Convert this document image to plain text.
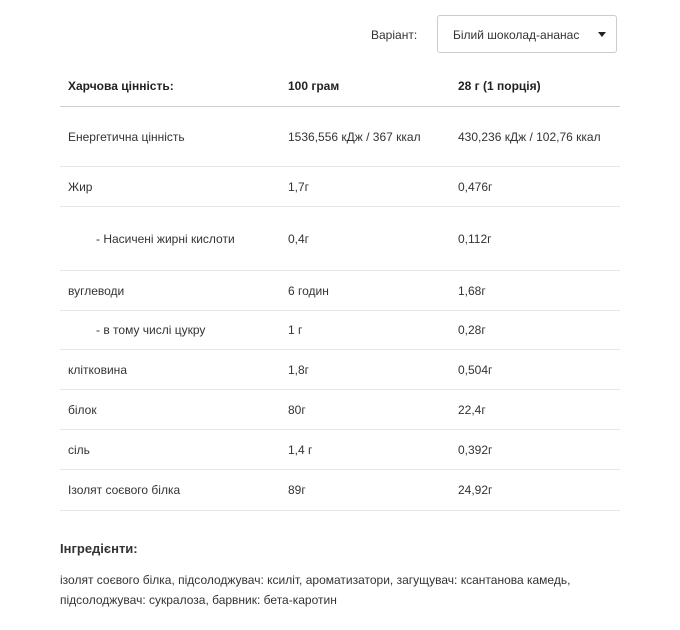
Варіант:	Білий шоколад-ананас
Харчова цінність:	100 грам	28 г (1 порція)
Енергетична цінність	1536,556 кДж / 367 ккал	430,236 кДж / 102,76 ккал
Жир	1,7г	0,476г
- Насичені жирні кислоти	0,4г	0,112г
вуглеводи	6 годин	1,68г
- в тому числі цукру	1 г	0,28г
клітковина	1,8г	0,504г
білок	80г	22,4г
сіль	1,4 г	0,392г
Ізолят соєвого білка	89г	24,92г
Інгредієнти:
ізолят соєвого білка, підсолоджувач: ксиліт, ароматизатори, загущувач: ксантанова камедь, підсолоджувач: сукралоза, барвник: бета-каротин
